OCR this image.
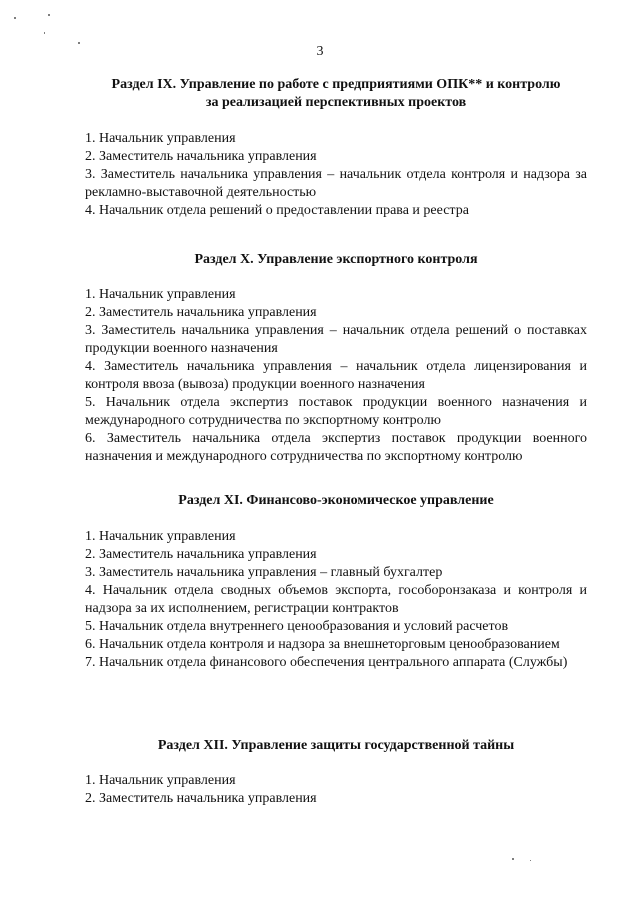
3
Раздел IX. Управление по работе с предприятиями ОПК** и контролю
за реализацией перспективных проектов
1. Начальник управления
2. Заместитель начальника управления
3. Заместитель начальника управления – начальник отдела контроля и надзора за рекламно-выставочной деятельностью
4. Начальник отдела решений о предоставлении права и реестра
Раздел X. Управление экспортного контроля
1. Начальник управления
2. Заместитель начальника управления
3. Заместитель начальника управления – начальник отдела решений о поставках продукции военного назначения
4. Заместитель начальника управления – начальник отдела лицензирования и контроля ввоза (вывоза) продукции военного назначения
5. Начальник отдела экспертиз поставок продукции военного назначения и международного сотрудничества по экспортному контролю
6. Заместитель начальника отдела экспертиз поставок продукции военного назначения и международного сотрудничества по экспортному контролю
Раздел XI. Финансово-экономическое управление
1. Начальник управления
2. Заместитель начальника управления
3. Заместитель начальника управления – главный бухгалтер
4. Начальник отдела сводных объемов экспорта, гособоронзаказа и контроля и надзора за их исполнением, регистрации контрактов
5. Начальник отдела внутреннего ценообразования и условий расчетов
6. Начальник отдела контроля и надзора за внешнеторговым ценообразованием
7. Начальник отдела финансового обеспечения центрального аппарата (Службы)
Раздел XII. Управление защиты государственной тайны
1. Начальник управления
2. Заместитель начальника управления
